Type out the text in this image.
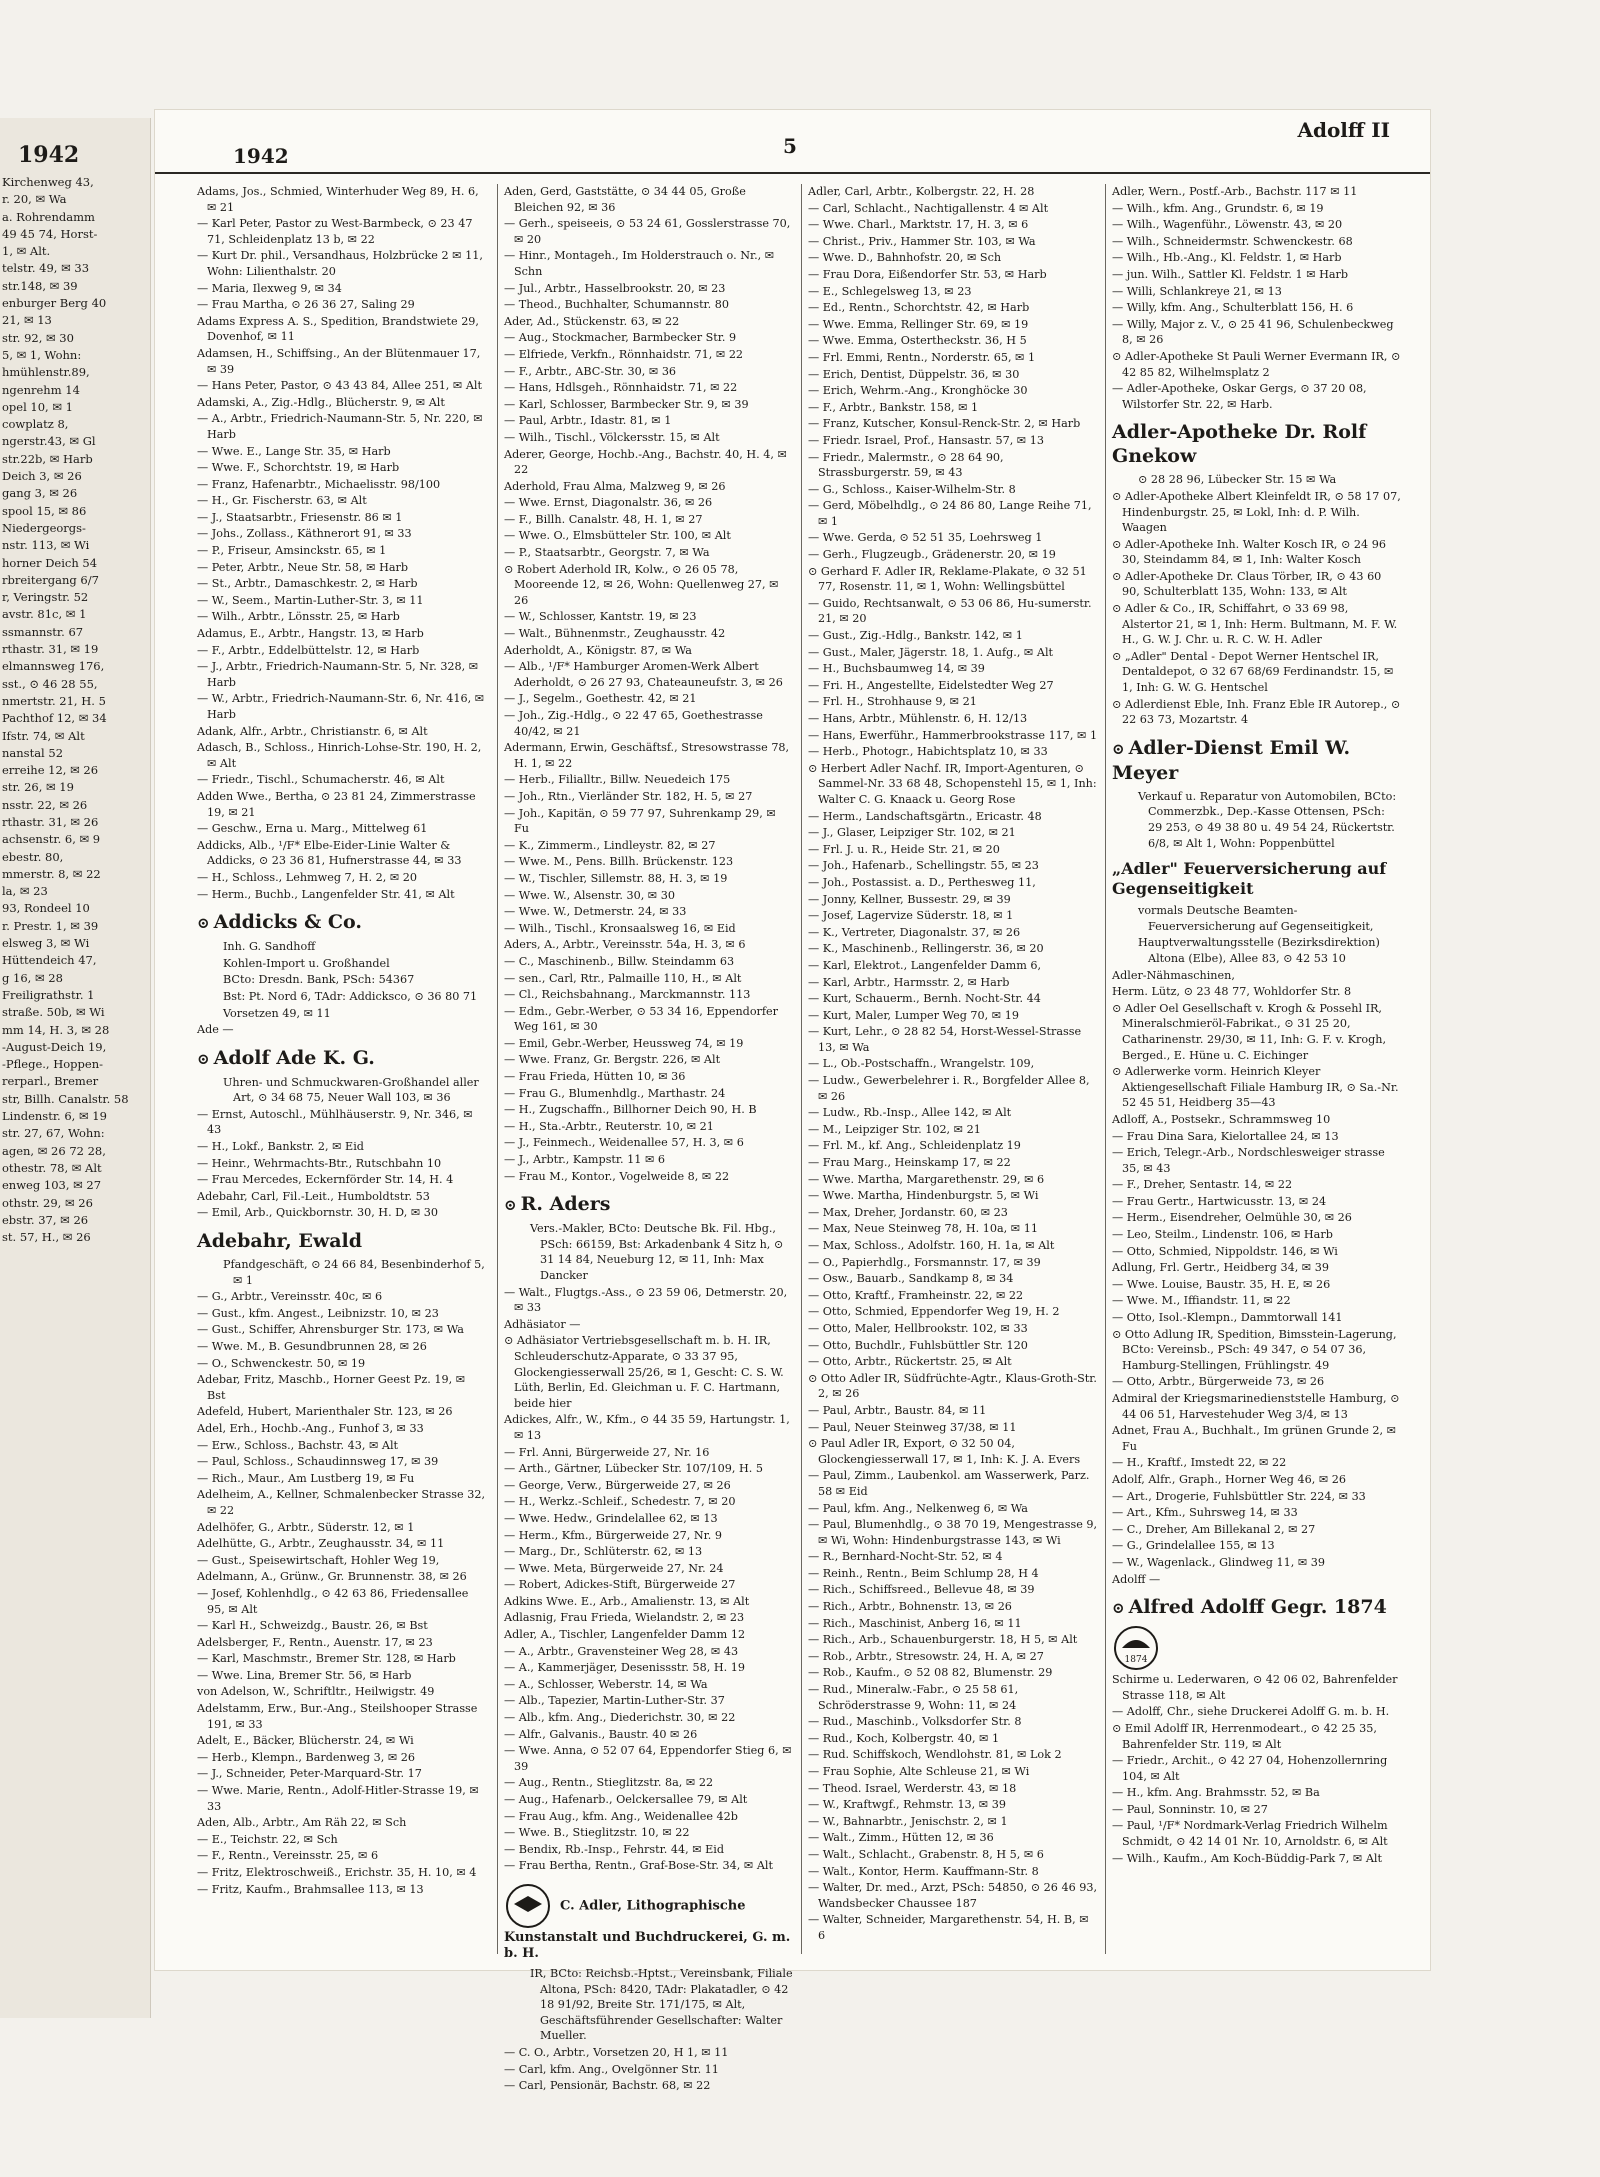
1942
Kirchenweg 43,
r. 20, ✉ Wa
a. Rohrendamm
49 45 74, Horst-
1, ✉ Alt.
telstr. 49, ✉ 33
str.148, ✉ 39
enburger Berg 40
21, ✉ 13
str. 92, ✉ 30
5, ✉ 1, Wohn:
hmühlenstr.89,
ngenrehm 14
opel 10, ✉ 1
cowplatz 8,
ngerstr.43, ✉ Gl
str.22b, ✉ Harb
Deich 3, ✉ 26
gang 3, ✉ 26
spool 15, ✉ 86
Niedergeorgs-
nstr. 113, ✉ Wi
horner Deich 54
rbreitergang 6/7
r, Veringstr. 52
avstr. 81c, ✉ 1
ssmannstr. 67
rthastr. 31, ✉ 19
elmannsweg 176,
sst., ⊙ 46 28 55,
nmertstr. 21, H. 5
Pachthof 12, ✉ 34
Ifstr. 74, ✉ Alt
nanstal 52
erreihe 12, ✉ 26
str. 26, ✉ 19
nsstr. 22, ✉ 26
rthastr. 31, ✉ 26
achsenstr. 6, ✉ 9
ebestr. 80,
mmerstr. 8, ✉ 22
la, ✉ 23
93, Rondeel 10
r. Prestr. 1, ✉ 39
elsweg 3, ✉ Wi
Hüttendeich 47,
g 16, ✉ 28
Freiligrathstr. 1
straße. 50b, ✉ Wi
mm 14, H. 3, ✉ 28
-August-Deich 19,
-Pflege., Hoppen-
rerparl., Bremer
str, Billh. Canalstr. 58
Lindenstr. 6, ✉ 19
str. 27, 67, Wohn:
agen, ✉ 26 72 28,
othestr. 78, ✉ Alt
enweg 103, ✉ 27
othstr. 29, ✉ 26
ebstr. 37, ✉ 26
st. 57, H., ✉ 26
1942	5
Adolff II
Adams, Jos., Schmied, Winterhuder Weg 89, H. 6, ✉ 21
— Karl Peter, Pastor zu West-Barmbeck, ⊙ 23 47 71, Schleidenplatz 13 b, ✉ 22
— Kurt Dr. phil., Versandhaus, Holzbrücke 2 ✉ 11, Wohn: Lilienthalstr. 20
— Maria, Ilexweg 9, ✉ 34
— Frau Martha, ⊙ 26 36 27, Saling 29
Adams Express A. S., Spedition, Brandstwiete 29, Dovenhof, ✉ 11
Adamsen, H., Schiffsing., An der Blütenmauer 17, ✉ 39
— Hans Peter, Pastor, ⊙ 43 43 84, Allee 251, ✉ Alt
Adamski, A., Zig.-Hdlg., Blücherstr. 9, ✉ Alt
— A., Arbtr., Friedrich-Naumann-Str. 5, Nr. 220, ✉ Harb
— Wwe. E., Lange Str. 35, ✉ Harb
— Wwe. F., Schorchtstr. 19, ✉ Harb
— Franz, Hafenarbtr., Michaelisstr. 98/100
— H., Gr. Fischerstr. 63, ✉ Alt
— J., Staatsarbtr., Friesenstr. 86 ✉ 1
— Johs., Zollass., Käthnerort 91, ✉ 33
— P., Friseur, Amsinckstr. 65, ✉ 1
— Peter, Arbtr., Neue Str. 58, ✉ Harb
— St., Arbtr., Damaschkestr. 2, ✉ Harb
— W., Seem., Martin-Luther-Str. 3, ✉ 11
— Wilh., Arbtr., Lönsstr. 25, ✉ Harb
Adamus, E., Arbtr., Hangstr. 13, ✉ Harb
— F., Arbtr., Eddelbüttelstr. 12, ✉ Harb
— J., Arbtr., Friedrich-Naumann-Str. 5, Nr. 328, ✉ Harb
— W., Arbtr., Friedrich-Naumann-Str. 6, Nr. 416, ✉ Harb
Adank, Alfr., Arbtr., Christianstr. 6, ✉ Alt
Adasch, B., Schloss., Hinrich-Lohse-Str. 190, H. 2, ✉ Alt
— Friedr., Tischl., Schumacherstr. 46, ✉ Alt
Adden Wwe., Bertha, ⊙ 23 81 24, Zimmerstrasse 19, ✉ 21
— Geschw., Erna u. Marg., Mittelweg 61
Addicks, Alb., ¹/F* Elbe-Eider-Linie Walter & Addicks, ⊙ 23 36 81, Hufnerstrasse 44, ✉ 33
— H., Schloss., Lehmweg 7, H. 2, ✉ 20
— Herm., Buchb., Langenfelder Str. 41, ✉ Alt
⊙ Addicks & Co.
Inh. G. Sandhoff
Kohlen-Import u. Großhandel
BCto: Dresdn. Bank, PSch: 54367
Bst: Pt. Nord 6, TAdr: Addicksco, ⊙ 36 80 71
Vorsetzen 49, ✉ 11
Ade —
⊙ Adolf Ade K. G.
Uhren- und Schmuckwaren-Großhandel aller Art, ⊙ 34 68 75, Neuer Wall 103, ✉ 36
— Ernst, Autoschl., Mühlhäuserstr. 9, Nr. 346, ✉ 43
— H., Lokf., Bankstr. 2, ✉ Eid
— Heinr., Wehrmachts-Btr., Rutschbahn 10
— Frau Mercedes, Eckernförder Str. 14, H. 4
Adebahr, Carl, Fil.-Leit., Humboldtstr. 53
— Emil, Arb., Quickbornstr. 30, H. D, ✉ 30
Adebahr, Ewald
Pfandgeschäft, ⊙ 24 66 84, Besenbinderhof 5, ✉ 1
— G., Arbtr., Vereinsstr. 40c, ✉ 6
— Gust., kfm. Angest., Leibnizstr. 10, ✉ 23
— Gust., Schiffer, Ahrensburger Str. 173, ✉ Wa
— Wwe. M., B. Gesundbrunnen 28, ✉ 26
— O., Schwenckestr. 50, ✉ 19
Adebar, Fritz, Maschb., Horner Geest Pz. 19, ✉ Bst
Adefeld, Hubert, Marienthaler Str. 123, ✉ 26
Adel, Erh., Hochb.-Ang., Funhof 3, ✉ 33
— Erw., Schloss., Bachstr. 43, ✉ Alt
— Paul, Schloss., Schaudinnsweg 17, ✉ 39
— Rich., Maur., Am Lustberg 19, ✉ Fu
Adelheim, A., Kellner, Schmalenbecker Strasse 32, ✉ 22
Adelhöfer, G., Arbtr., Süderstr. 12, ✉ 1
Adelhütte, G., Arbtr., Zeughausstr. 34, ✉ 11
— Gust., Speisewirtschaft, Hohler Weg 19,
Adelmann, A., Grünw., Gr. Brunnenstr. 38, ✉ 26
— Josef, Kohlenhdlg., ⊙ 42 63 86, Friedensallee 95, ✉ Alt
— Karl H., Schweizdg., Baustr. 26, ✉ Bst
Adelsberger, F., Rentn., Auenstr. 17, ✉ 23
— Karl, Maschmstr., Bremer Str. 128, ✉ Harb
— Wwe. Lina, Bremer Str. 56, ✉ Harb
von Adelson, W., Schriftltr., Heilwigstr. 49
Adelstamm, Erw., Bur.-Ang., Steilshooper Strasse 191, ✉ 33
Adelt, E., Bäcker, Blücherstr. 24, ✉ Wi
— Herb., Klempn., Bardenweg 3, ✉ 26
— J., Schneider, Peter-Marquard-Str. 17
— Wwe. Marie, Rentn., Adolf-Hitler-Strasse 19, ✉ 33
Aden, Alb., Arbtr., Am Räh 22, ✉ Sch
— E., Teichstr. 22, ✉ Sch
— F., Rentn., Vereinsstr. 25, ✉ 6
— Fritz, Elektroschweiß., Erichstr. 35, H. 10, ✉ 4
— Fritz, Kaufm., Brahmsallee 113, ✉ 13
Aden, Gerd, Gaststätte, ⊙ 34 44 05, Große Bleichen 92, ✉ 36
— Gerh., speiseeis, ⊙ 53 24 61, Gosslerstrasse 70, ✉ 20
— Hinr., Montageh., Im Holderstrauch o. Nr., ✉ Schn
— Jul., Arbtr., Hasselbrookstr. 20, ✉ 23
— Theod., Buchhalter, Schumannstr. 80
Ader, Ad., Stückenstr. 63, ✉ 22
— Aug., Stockmacher, Barmbecker Str. 9
— Elfriede, Verkfn., Rönnhaidstr. 71, ✉ 22
— F., Arbtr., ABC-Str. 30, ✉ 36
— Hans, Hdlsgeh., Rönnhaidstr. 71, ✉ 22
— Karl, Schlosser, Barmbecker Str. 9, ✉ 39
— Paul, Arbtr., Idastr. 81, ✉ 1
— Wilh., Tischl., Völckersstr. 15, ✉ Alt
Aderer, George, Hochb.-Ang., Bachstr. 40, H. 4, ✉ 22
Aderhold, Frau Alma, Malzweg 9, ✉ 26
— Wwe. Ernst, Diagonalstr. 36, ✉ 26
— F., Billh. Canalstr. 48, H. 1, ✉ 27
— Wwe. O., Elmsbütteler Str. 100, ✉ Alt
— P., Staatsarbtr., Georgstr. 7, ✉ Wa
⊙ Robert Aderhold IR, Kolw., ⊙ 26 05 78, Mooreende 12, ✉ 26, Wohn: Quellenweg 27, ✉ 26
— W., Schlosser, Kantstr. 19, ✉ 23
— Walt., Bühnenmstr., Zeughausstr. 42
Aderholdt, A., Königstr. 87, ✉ Wa
— Alb., ¹/F* Hamburger Aromen-Werk Albert Aderholdt, ⊙ 26 27 93, Chateauneufstr. 3, ✉ 26
— J., Segelm., Goethestr. 42, ✉ 21
— Joh., Zig.-Hdlg., ⊙ 22 47 65, Goethestrasse 40/42, ✉ 21
Adermann, Erwin, Geschäftsf., Stresowstrasse 78, H. 1, ✉ 22
— Herb., Filialltr., Billw. Neuedeich 175
— Joh., Rtn., Vierländer Str. 182, H. 5, ✉ 27
— Joh., Kapitän, ⊙ 59 77 97, Suhrenkamp 29, ✉ Fu
— K., Zimmerm., Lindleystr. 82, ✉ 27
— Wwe. M., Pens. Billh. Brückenstr. 123
— W., Tischler, Sillemstr. 88, H. 3, ✉ 19
— Wwe. W., Alsenstr. 30, ✉ 30
— Wwe. W., Detmerstr. 24, ✉ 33
— Wilh., Tischl., Kronsaalsweg 16, ✉ Eid
Aders, A., Arbtr., Vereinsstr. 54a, H. 3, ✉ 6
— C., Maschinenb., Billw. Steindamm 63
— sen., Carl, Rtr., Palmaille 110, H., ✉ Alt
— Cl., Reichsbahnang., Marckmannstr. 113
— Edm., Gebr.-Werber, ⊙ 53 34 16, Eppendorfer Weg 161, ✉ 30
— Emil, Gebr.-Werber, Heussweg 74, ✉ 19
— Wwe. Franz, Gr. Bergstr. 226, ✉ Alt
— Frau Frieda, Hütten 10, ✉ 36
— Frau G., Blumenhdlg., Marthastr. 24
— H., Zugschaffn., Billhorner Deich 90, H. B
— H., Sta.-Arbtr., Reuterstr. 10, ✉ 21
— J., Feinmech., Weidenallee 57, H. 3, ✉ 6
— J., Arbtr., Kampstr. 11 ✉ 6
— Frau M., Kontor., Vogelweide 8, ✉ 22
⊙ R. Aders
Vers.-Makler, BCto: Deutsche Bk. Fil. Hbg., PSch: 66159, Bst: Arkadenbank 4 Sitz h, ⊙ 31 14 84, Neueburg 12, ✉ 11, Inh: Max Dancker
— Walt., Flugtgs.-Ass., ⊙ 23 59 06, Detmerstr. 20, ✉ 33
Adhäsiator —
⊙ Adhäsiator Vertriebsgesellschaft m. b. H. IR, Schleuderschutz-Apparate, ⊙ 33 37 95, Glockengiesserwall 25/26, ✉ 1, Gescht: C. S. W. Lüth, Berlin, Ed. Gleichman u. F. C. Hartmann, beide hier
Adickes, Alfr., W., Kfm., ⊙ 44 35 59, Hartungstr. 1, ✉ 13
— Frl. Anni, Bürgerweide 27, Nr. 16
— Arth., Gärtner, Lübecker Str. 107/109, H. 5
— George, Verw., Bürgerweide 27, ✉ 26
— H., Werkz.-Schleif., Schedestr. 7, ✉ 20
— Wwe. Hedw., Grindelallee 62, ✉ 13
— Herm., Kfm., Bürgerweide 27, Nr. 9
— Marg., Dr., Schlüterstr. 62, ✉ 13
— Wwe. Meta, Bürgerweide 27, Nr. 24
— Robert, Adickes-Stift, Bürgerweide 27
Adkins Wwe. E., Arb., Amalienstr. 13, ✉ Alt
Adlasnig, Frau Frieda, Wielandstr. 2, ✉ 23
Adler, A., Tischler, Langenfelder Damm 12
— A., Arbtr., Gravensteiner Weg 28, ✉ 43
— A., Kammerjäger, Desenissstr. 58, H. 19
— A., Schlosser, Weberstr. 14, ✉ Wa
— Alb., Tapezier, Martin-Luther-Str. 37
— Alb., kfm. Ang., Diederichstr. 30, ✉ 22
— Alfr., Galvanis., Baustr. 40 ✉ 26
— Wwe. Anna, ⊙ 52 07 64, Eppendorfer Stieg 6, ✉ 39
— Aug., Rentn., Stieglitzstr. 8a, ✉ 22
— Aug., Hafenarb., Oelckersallee 79, ✉ Alt
— Frau Aug., kfm. Ang., Weidenallee 42b
— Wwe. B., Stieglitzstr. 10, ✉ 22
— Bendix, Rb.-Insp., Fehrstr. 44, ✉ Eid
— Frau Bertha, Rentn., Graf-Bose-Str. 34, ✉ Alt
C. Adler, Lithographische Kunstanstalt und Buchdruckerei, G. m. b. H.
IR, BCto: Reichsb.-Hptst., Vereinsbank, Filiale Altona, PSch: 8420, TAdr: Plakatadler, ⊙ 42 18 91/92, Breite Str. 171/175, ✉ Alt, Geschäftsführender Gesellschafter: Walter Mueller.
— C. O., Arbtr., Vorsetzen 20, H 1, ✉ 11
— Carl, kfm. Ang., Ovelgönner Str. 11
— Carl, Pensionär, Bachstr. 68, ✉ 22
Adler, Carl, Arbtr., Kolbergstr. 22, H. 28
— Carl, Schlacht., Nachtigallenstr. 4 ✉ Alt
— Wwe. Charl., Marktstr. 17, H. 3, ✉ 6
— Christ., Priv., Hammer Str. 103, ✉ Wa
— Wwe. D., Bahnhofstr. 20, ✉ Sch
— Frau Dora, Eißendorfer Str. 53, ✉ Harb
— E., Schlegelsweg 13, ✉ 23
— Ed., Rentn., Schorchtstr. 42, ✉ Harb
— Wwe. Emma, Rellinger Str. 69, ✉ 19
— Wwe. Emma, Ostertheckstr. 36, H 5
— Frl. Emmi, Rentn., Norderstr. 65, ✉ 1
— Erich, Dentist, Düppelstr. 36, ✉ 30
— Erich, Wehrm.-Ang., Kronghöcke 30
— F., Arbtr., Bankstr. 158, ✉ 1
— Franz, Kutscher, Konsul-Renck-Str. 2, ✉ Harb
— Friedr. Israel, Prof., Hansastr. 57, ✉ 13
— Friedr., Malermstr., ⊙ 28 64 90, Strassburgerstr. 59, ✉ 43
— G., Schloss., Kaiser-Wilhelm-Str. 8
— Gerd, Möbelhdlg., ⊙ 24 86 80, Lange Reihe 71, ✉ 1
— Wwe. Gerda, ⊙ 52 51 35, Loehrsweg 1
— Gerh., Flugzeugb., Grädenerstr. 20, ✉ 19
⊙ Gerhard F. Adler IR, Reklame-Plakate, ⊙ 32 51 77, Rosenstr. 11, ✉ 1, Wohn: Wellingsbüttel
— Guido, Rechtsanwalt, ⊙ 53 06 86, Hu-sumerstr. 21, ✉ 20
— Gust., Zig.-Hdlg., Bankstr. 142, ✉ 1
— Gust., Maler, Jägerstr. 18, 1. Aufg., ✉ Alt
— H., Buchsbaumweg 14, ✉ 39
— Fri. H., Angestellte, Eidelstedter Weg 27
— Frl. H., Strohhause 9, ✉ 21
— Hans, Arbtr., Mühlenstr. 6, H. 12/13
— Hans, Ewerführ., Hammerbrookstrasse 117, ✉ 1
— Herb., Photogr., Habichtsplatz 10, ✉ 33
⊙ Herbert Adler Nachf. IR, Import-Agenturen, ⊙ Sammel-Nr. 33 68 48, Schopenstehl 15, ✉ 1, Inh: Walter C. G. Knaack u. Georg Rose
— Herm., Landschaftsgärtn., Ericastr. 48
— J., Glaser, Leipziger Str. 102, ✉ 21
— Frl. J. u. R., Heide Str. 21, ✉ 20
— Joh., Hafenarb., Schellingstr. 55, ✉ 23
— Joh., Postassist. a. D., Perthesweg 11,
— Jonny, Kellner, Bussestr. 29, ✉ 39
— Josef, Lagervize Süderstr. 18, ✉ 1
— K., Vertreter, Diagonalstr. 37, ✉ 26
— K., Maschinenb., Rellingerstr. 36, ✉ 20
— Karl, Elektrot., Langenfelder Damm 6,
— Karl, Arbtr., Harmsstr. 2, ✉ Harb
— Kurt, Schauerm., Bernh. Nocht-Str. 44
— Kurt, Maler, Lumper Weg 70, ✉ 19
— Kurt, Lehr., ⊙ 28 82 54, Horst-Wessel-Strasse 13, ✉ Wa
— L., Ob.-Postschaffn., Wrangelstr. 109,
— Ludw., Gewerbelehrer i. R., Borgfelder Allee 8, ✉ 26
— Ludw., Rb.-Insp., Allee 142, ✉ Alt
— M., Leipziger Str. 102, ✉ 21
— Frl. M., kf. Ang., Schleidenplatz 19
— Frau Marg., Heinskamp 17, ✉ 22
— Wwe. Martha, Margarethenstr. 29, ✉ 6
— Wwe. Martha, Hindenburgstr. 5, ✉ Wi
— Max, Dreher, Jordanstr. 60, ✉ 23
— Max, Neue Steinweg 78, H. 10a, ✉ 11
— Max, Schloss., Adolfstr. 160, H. 1a, ✉ Alt
— O., Papierhdlg., Forsmannstr. 17, ✉ 39
— Osw., Bauarb., Sandkamp 8, ✉ 34
— Otto, Kraftf., Framheinstr. 22, ✉ 22
— Otto, Schmied, Eppendorfer Weg 19, H. 2
— Otto, Maler, Hellbrookstr. 102, ✉ 33
— Otto, Buchdlr., Fuhlsbüttler Str. 120
— Otto, Arbtr., Rückertstr. 25, ✉ Alt
⊙ Otto Adler IR, Südfrüchte-Agtr., Klaus-Groth-Str. 2, ✉ 26
— Paul, Arbtr., Baustr. 84, ✉ 11
— Paul, Neuer Steinweg 37/38, ✉ 11
⊙ Paul Adler IR, Export, ⊙ 32 50 04, Glockengiesserwall 17, ✉ 1, Inh: K. J. A. Evers
— Paul, Zimm., Laubenkol. am Wasserwerk, Parz. 58 ✉ Eid
— Paul, kfm. Ang., Nelkenweg 6, ✉ Wa
— Paul, Blumenhdlg., ⊙ 38 70 19, Mengestrasse 9, ✉ Wi, Wohn: Hindenburgstrasse 143, ✉ Wi
— R., Bernhard-Nocht-Str. 52, ✉ 4
— Reinh., Rentn., Beim Schlump 28, H 4
— Rich., Schiffsreed., Bellevue 48, ✉ 39
— Rich., Arbtr., Bohnenstr. 13, ✉ 26
— Rich., Maschinist, Anberg 16, ✉ 11
— Rich., Arb., Schauenburgerstr. 18, H 5, ✉ Alt
— Rob., Arbtr., Stresowstr. 24, H. A, ✉ 27
— Rob., Kaufm., ⊙ 52 08 82, Blumenstr. 29
— Rud., Mineralw.-Fabr., ⊙ 25 58 61, Schröderstrasse 9, Wohn: 11, ✉ 24
— Rud., Maschinb., Volksdorfer Str. 8
— Rud., Koch, Kolbergstr. 40, ✉ 1
— Rud. Schiffskoch, Wendlohstr. 81, ✉ Lok 2
— Frau Sophie, Alte Schleuse 21, ✉ Wi
— Theod. Israel, Werderstr. 43, ✉ 18
— W., Kraftwgf., Rehmstr. 13, ✉ 39
— W., Bahnarbtr., Jenischstr. 2, ✉ 1
— Walt., Zimm., Hütten 12, ✉ 36
— Walt., Schlacht., Grabenstr. 8, H 5, ✉ 6
— Walt., Kontor, Herm. Kauffmann-Str. 8
— Walter, Dr. med., Arzt, PSch: 54850, ⊙ 26 46 93, Wandsbecker Chaussee 187
— Walter, Schneider, Margarethenstr. 54, H. B, ✉ 6
Adler, Wern., Postf.-Arb., Bachstr. 117 ✉ 11
— Wilh., kfm. Ang., Grundstr. 6, ✉ 19
— Wilh., Wagenführ., Löwenstr. 43, ✉ 20
— Wilh., Schneidermstr. Schwenckestr. 68
— Wilh., Hb.-Ang., Kl. Feldstr. 1, ✉ Harb
— jun. Wilh., Sattler Kl. Feldstr. 1 ✉ Harb
— Willi, Schlankreye 21, ✉ 13
— Willy, kfm. Ang., Schulterblatt 156, H. 6
— Willy, Major z. V., ⊙ 25 41 96, Schulenbeckweg 8, ✉ 26
⊙ Adler-Apotheke St Pauli Werner Evermann IR, ⊙ 42 85 82, Wilhelmsplatz 2
— Adler-Apotheke, Oskar Gergs, ⊙ 37 20 08, Wilstorfer Str. 22, ✉ Harb.
Adler-Apotheke Dr. Rolf Gnekow
⊙ 28 28 96, Lübecker Str. 15 ✉ Wa
⊙ Adler-Apotheke Albert Kleinfeldt IR, ⊙ 58 17 07, Hindenburgstr. 25, ✉ Lokl, Inh: d. P. Wilh. Waagen
⊙ Adler-Apotheke Inh. Walter Kosch IR, ⊙ 24 96 30, Steindamm 84, ✉ 1, Inh: Walter Kosch
⊙ Adler-Apotheke Dr. Claus Törber, IR, ⊙ 43 60 90, Schulterblatt 135, Wohn: 133, ✉ Alt
⊙ Adler & Co., IR, Schiffahrt, ⊙ 33 69 98, Alstertor 21, ✉ 1, Inh: Herm. Bultmann, M. F. W. H., G. W. J. Chr. u. R. C. W. H. Adler
⊙ „Adler" Dental - Depot Werner Hentschel IR, Dentaldepot, ⊙ 32 67 68/69 Ferdinandstr. 15, ✉ 1, Inh: G. W. G. Hentschel
⊙ Adlerdienst Eble, Inh. Franz Eble IR Autorep., ⊙ 22 63 73, Mozartstr. 4
⊙ Adler-Dienst Emil W. Meyer
Verkauf u. Reparatur von Automobilen, BCto: Commerzbk., Dep.-Kasse Ottensen, PSch: 29 253, ⊙ 49 38 80 u. 49 54 24, Rückertstr. 6/8, ✉ Alt 1, Wohn: Poppenbüttel
„Adler" Feuerversicherung auf Gegenseitigkeit
vormals Deutsche Beamten-Feuerversicherung auf Gegenseitigkeit,
Hauptverwaltungsstelle (Bezirksdirektion) Altona (Elbe), Allee 83, ⊙ 42 53 10
Adler-Nähmaschinen,
Herm. Lütz, ⊙ 23 48 77, Wohldorfer Str. 8
⊙ Adler Oel Gesellschaft v. Krogh & Possehl IR, Mineralschmieröl-Fabrikat., ⊙ 31 25 20, Catharinenstr. 29/30, ✉ 11, Inh: G. F. v. Krogh, Berged., E. Hüne u. C. Eichinger
⊙ Adlerwerke vorm. Heinrich Kleyer Aktiengesellschaft Filiale Hamburg IR, ⊙ Sa.-Nr. 52 45 51, Heidberg 35—43
Adloff, A., Postsekr., Schrammsweg 10
— Frau Dina Sara, Kielortallee 24, ✉ 13
— Erich, Telegr.-Arb., Nordschlesweiger strasse 35, ✉ 43
— F., Dreher, Sentastr. 14, ✉ 22
— Frau Gertr., Hartwicusstr. 13, ✉ 24
— Herm., Eisendreher, Oelmühle 30, ✉ 26
— Leo, Steilm., Lindenstr. 106, ✉ Harb
— Otto, Schmied, Nippoldstr. 146, ✉ Wi
Adlung, Frl. Gertr., Heidberg 34, ✉ 39
— Wwe. Louise, Baustr. 35, H. E, ✉ 26
— Wwe. M., Iffiandstr. 11, ✉ 22
— Otto, Isol.-Klempn., Dammtorwall 141
⊙ Otto Adlung IR, Spedition, Bimsstein-Lagerung, BCto: Vereinsb., PSch: 49 347, ⊙ 54 07 36, Hamburg-Stellingen, Frühlingstr. 49
— Otto, Arbtr., Bürgerweide 73, ✉ 26
Admiral der Kriegsmarinedienststelle Hamburg, ⊙ 44 06 51, Harvestehuder Weg 3/4, ✉ 13
Adnet, Frau A., Buchhalt., Im grünen Grunde 2, ✉ Fu
— H., Kraftf., Imstedt 22, ✉ 22
Adolf, Alfr., Graph., Horner Weg 46, ✉ 26
— Art., Drogerie, Fuhlsbüttler Str. 224, ✉ 33
— Art., Kfm., Suhrsweg 14, ✉ 33
— C., Dreher, Am Billekanal 2, ✉ 27
— G., Grindelallee 155, ✉ 13
— W., Wagenlack., Glindweg 11, ✉ 39
Adolff —
⊙ Alfred Adolff Gegr. 1874
1874
Schirme u. Lederwaren, ⊙ 42 06 02, Bahrenfelder Strasse 118, ✉ Alt
— Adolff, Chr., siehe Druckerei Adolff G. m. b. H.
⊙ Emil Adolff IR, Herrenmodeart., ⊙ 42 25 35, Bahrenfelder Str. 119, ✉ Alt
— Friedr., Archit., ⊙ 42 27 04, Hohenzollernring 104, ✉ Alt
— H., kfm. Ang. Brahmsstr. 52, ✉ Ba
— Paul, Sonninstr. 10, ✉ 27
— Paul, ¹/F* Nordmark-Verlag Friedrich Wilhelm Schmidt, ⊙ 42 14 01 Nr. 10, Arnoldstr. 6, ✉ Alt
— Wilh., Kaufm., Am Koch-Büddig-Park 7, ✉ Alt
